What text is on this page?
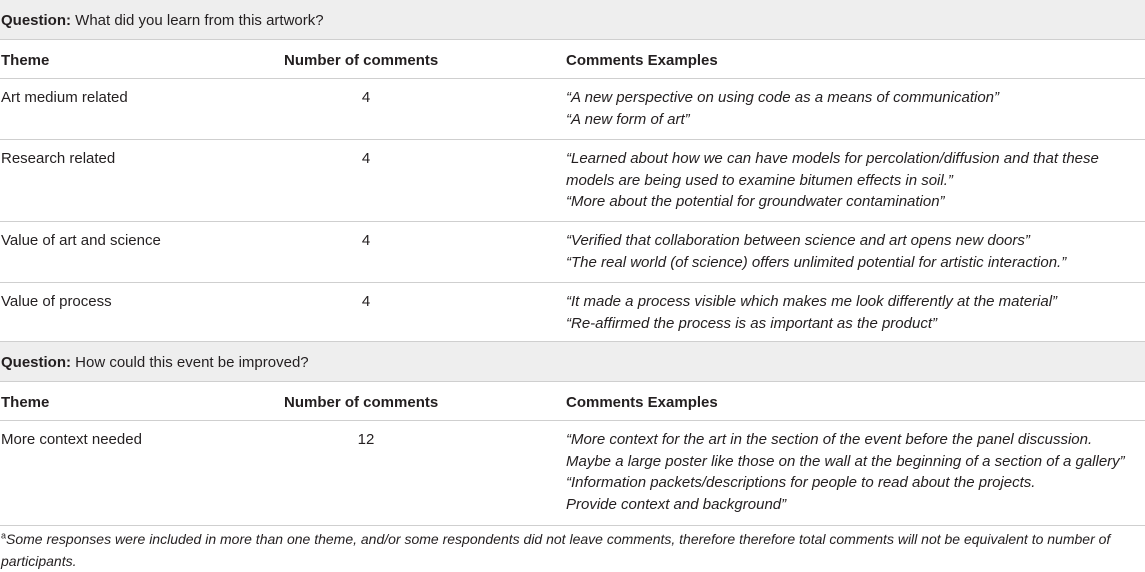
Question: What did you learn from this artwork?
Theme	Number of comments	Comments Examples
Art medium related	4	“A new perspective on using code as a means of communication”
“A new form of art”
Research related	4	“Learned about how we can have models for percolation/diffusion and that these
models are being used to examine bitumen effects in soil.”
“More about the potential for groundwater contamination”
Value of art and science	4	“Verified that collaboration between science and art opens new doors”
“The real world (of science) offers unlimited potential for artistic interaction.”
Value of process	4	“It made a process visible which makes me look differently at the material”
“Re-affirmed the process is as important as the product”
Question: How could this event be improved?
Theme	Number of comments	Comments Examples
More context needed	12	“More context for the art in the section of the event before the panel discussion.
Maybe a large poster like those on the wall at the beginning of a section of a gallery”
“Information packets/descriptions for people to read about the projects.
Provide context and background”
$^a$Some responses were included in more than one theme, and/or some respondents did not leave comments, therefore therefore total comments will not be equivalent to number of
participants.
